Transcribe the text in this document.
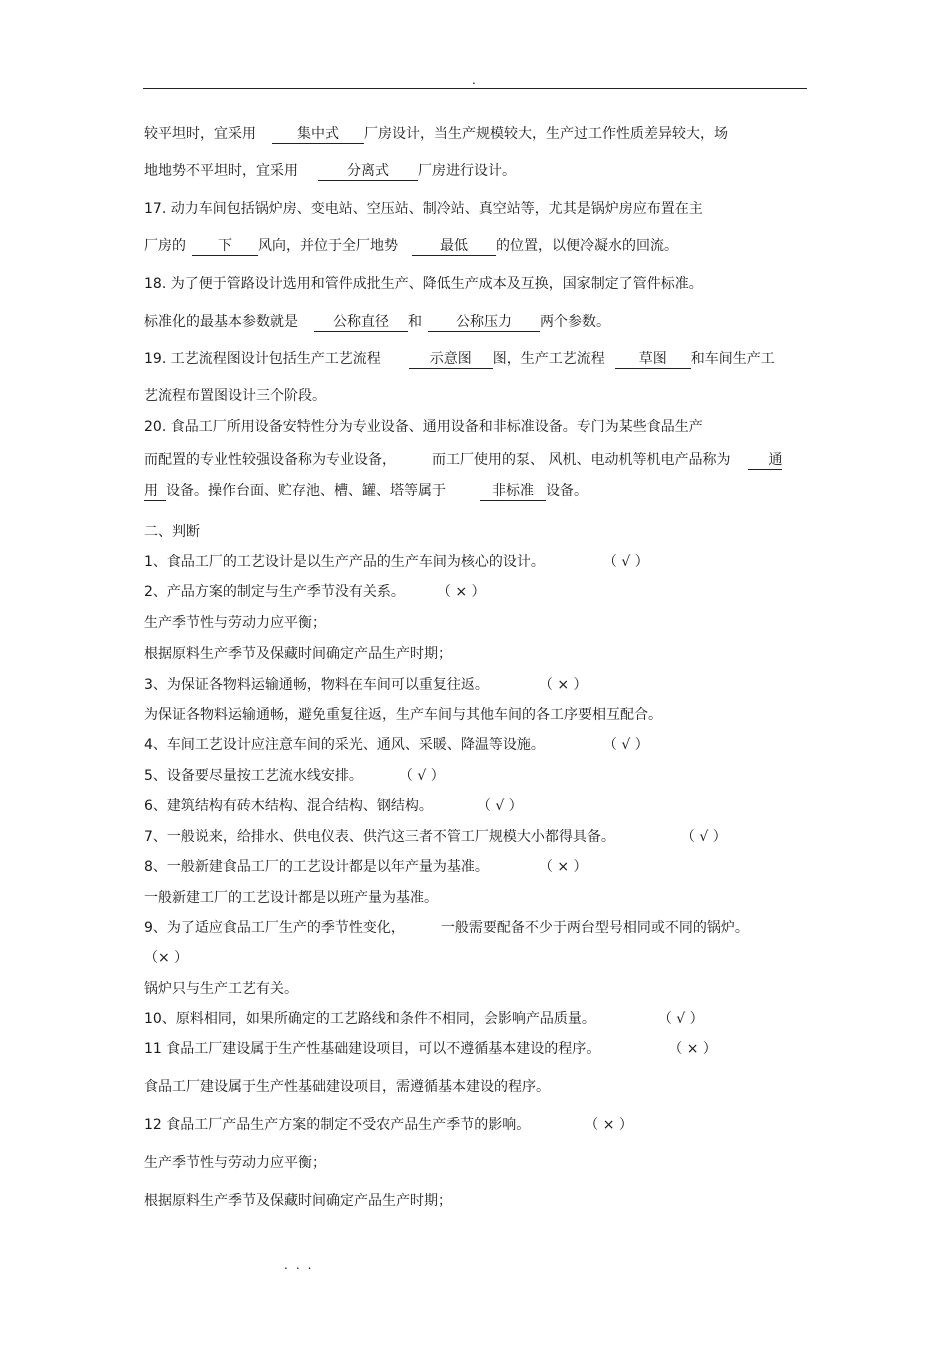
.
较平坦时，宜采用	集中式 厂房设计，当生产规模较大，生产过工作性质差异较大，场
地地势不平坦时，宜采用	分离式 厂房进行设计。
17. 动力车间包括锅炉房、变电站、空压站、制冷站、真空站等，尤其是锅炉房应布置在主
厂房的 下 风向，并位于全厂地势	最低 的位置，以便冷凝水的回流。
18. 为了便于管路设计选用和管件成批生产、降低生产成本及互换，国家制定了管件标准。
标准化的最基本参数就是	公称直径 和 公称压力 两个参数。
19. 工艺流程图设计包括生产工艺流程	示意图 图，生产工艺流程 草图 和车间生产工
艺流程布置图设计三个阶段。
20. 食品工厂所用设备安特性分为专业设备、通用设备和非标准设备。专门为某些食品生产
而配置的专业性较强设备称为专业设备，	而工厂使用的泵、 风机、电动机等机电产品称为	通
用 设备。操作台面、贮存池、槽、罐、塔等属于	非标准 设备。
二、判断
1、食品工厂的工艺设计是以生产产品的生产车间为核心的设计。	（ √ ）
2、产品方案的制定与生产季节没有关系。 （ × ）
生产季节性与劳动力应平衡；
根据原料生产季节及保藏时间确定产品生产时期；
3、为保证各物料运输通畅，物料在车间可以重复往返。	（ × ）
为保证各物料运输通畅，避免重复往返，生产车间与其他车间的各工序要相互配合。
4、车间工艺设计应注意车间的采光、通风、采暖、降温等设施。	（ √ ）
5、设备要尽量按工艺流水线安排。	（ √ ）
6、建筑结构有砖木结构、混合结构、钢结构。	（ √ ）
7、一般说来，给排水、供电仪表、供汽这三者不管工厂规模大小都得具备。	（ √ ）
8、一般新建食品工厂的工艺设计都是以年产量为基准。	（ × ）
一般新建工厂的工艺设计都是以班产量为基准。
9、为了适应食品工厂生产的季节性变化，	一般需要配备不少于两台型号相同或不同的锅炉。
（× ）
锅炉只与生产工艺有关。
10、原料相同，如果所确定的工艺路线和条件不相同，会影响产品质量。	（ √ ）
11 食品工厂建设属于生产性基础建设项目，可以不遵循基本建设的程序。	（ × ）
食品工厂建设属于生产性基础建设项目，需遵循基本建设的程序。
12 食品工厂产品生产方案的制定不受农产品生产季节的影响。	（ × ）
生产季节性与劳动力应平衡；
根据原料生产季节及保藏时间确定产品生产时期；
...
